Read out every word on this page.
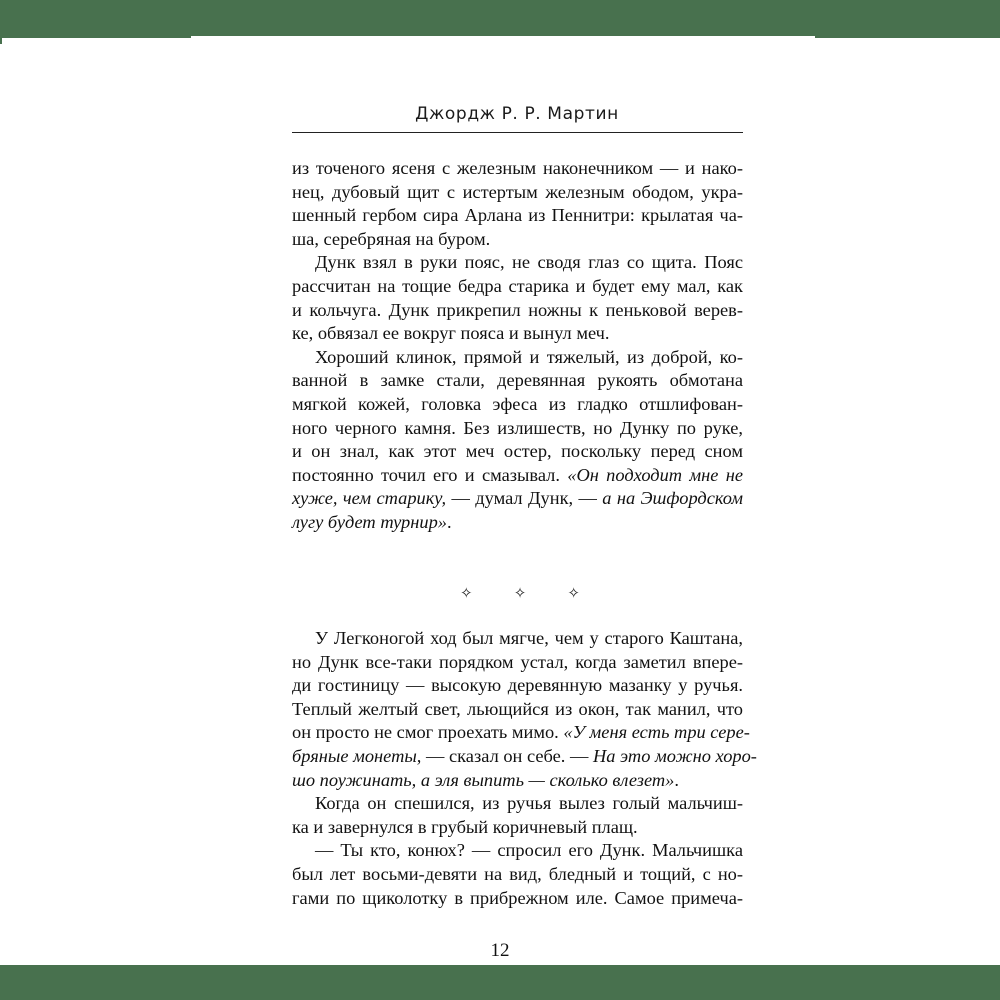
Джордж Р. Р. Мартин
из точеного ясеня с железным наконечником — и нако-
нец, дубовый щит с истертым железным ободом, укра-
шенный гербом сира Арлана из Пеннитри: крылатая ча-
ша, серебряная на буром.
Дунк взял в руки пояс, не сводя глаз со щита. Пояс
рассчитан на тощие бедра старика и будет ему мал, как
и кольчуга. Дунк прикрепил ножны к пеньковой верев-
ке, обвязал ее вокруг пояса и вынул меч.
Хороший клинок, прямой и тяжелый, из доброй, ко-
ванной в замке стали, деревянная рукоять обмотана
мягкой кожей, головка эфеса из гладко отшлифован-
ного черного камня. Без излишеств, но Дунку по руке,
и он знал, как этот меч остер, поскольку перед сном
постоянно точил его и смазывал. «Он подходит мне не
хуже, чем старику, — думал Дунк, — а на Эшфордском
лугу будет турнир».
✧	✧	✧
У Легконогой ход был мягче, чем у старого Каштана,
но Дунк все-таки порядком устал, когда заметил впере-
ди гостиницу — высокую деревянную мазанку у ручья.
Теплый желтый свет, льющийся из окон, так манил, что
он просто не смог проехать мимо. «У меня есть три сере-
бряные монеты, — сказал он себе. — На это можно хоро-
шо поужинать, а эля выпить — сколько влезет».
Когда он спешился, из ручья вылез голый мальчиш-
ка и завернулся в грубый коричневый плащ.
— Ты кто, конюх? — спросил его Дунк. Мальчишка
был лет восьми-девяти на вид, бледный и тощий, с но-
гами по щиколотку в прибрежном иле. Самое примеча-
12
